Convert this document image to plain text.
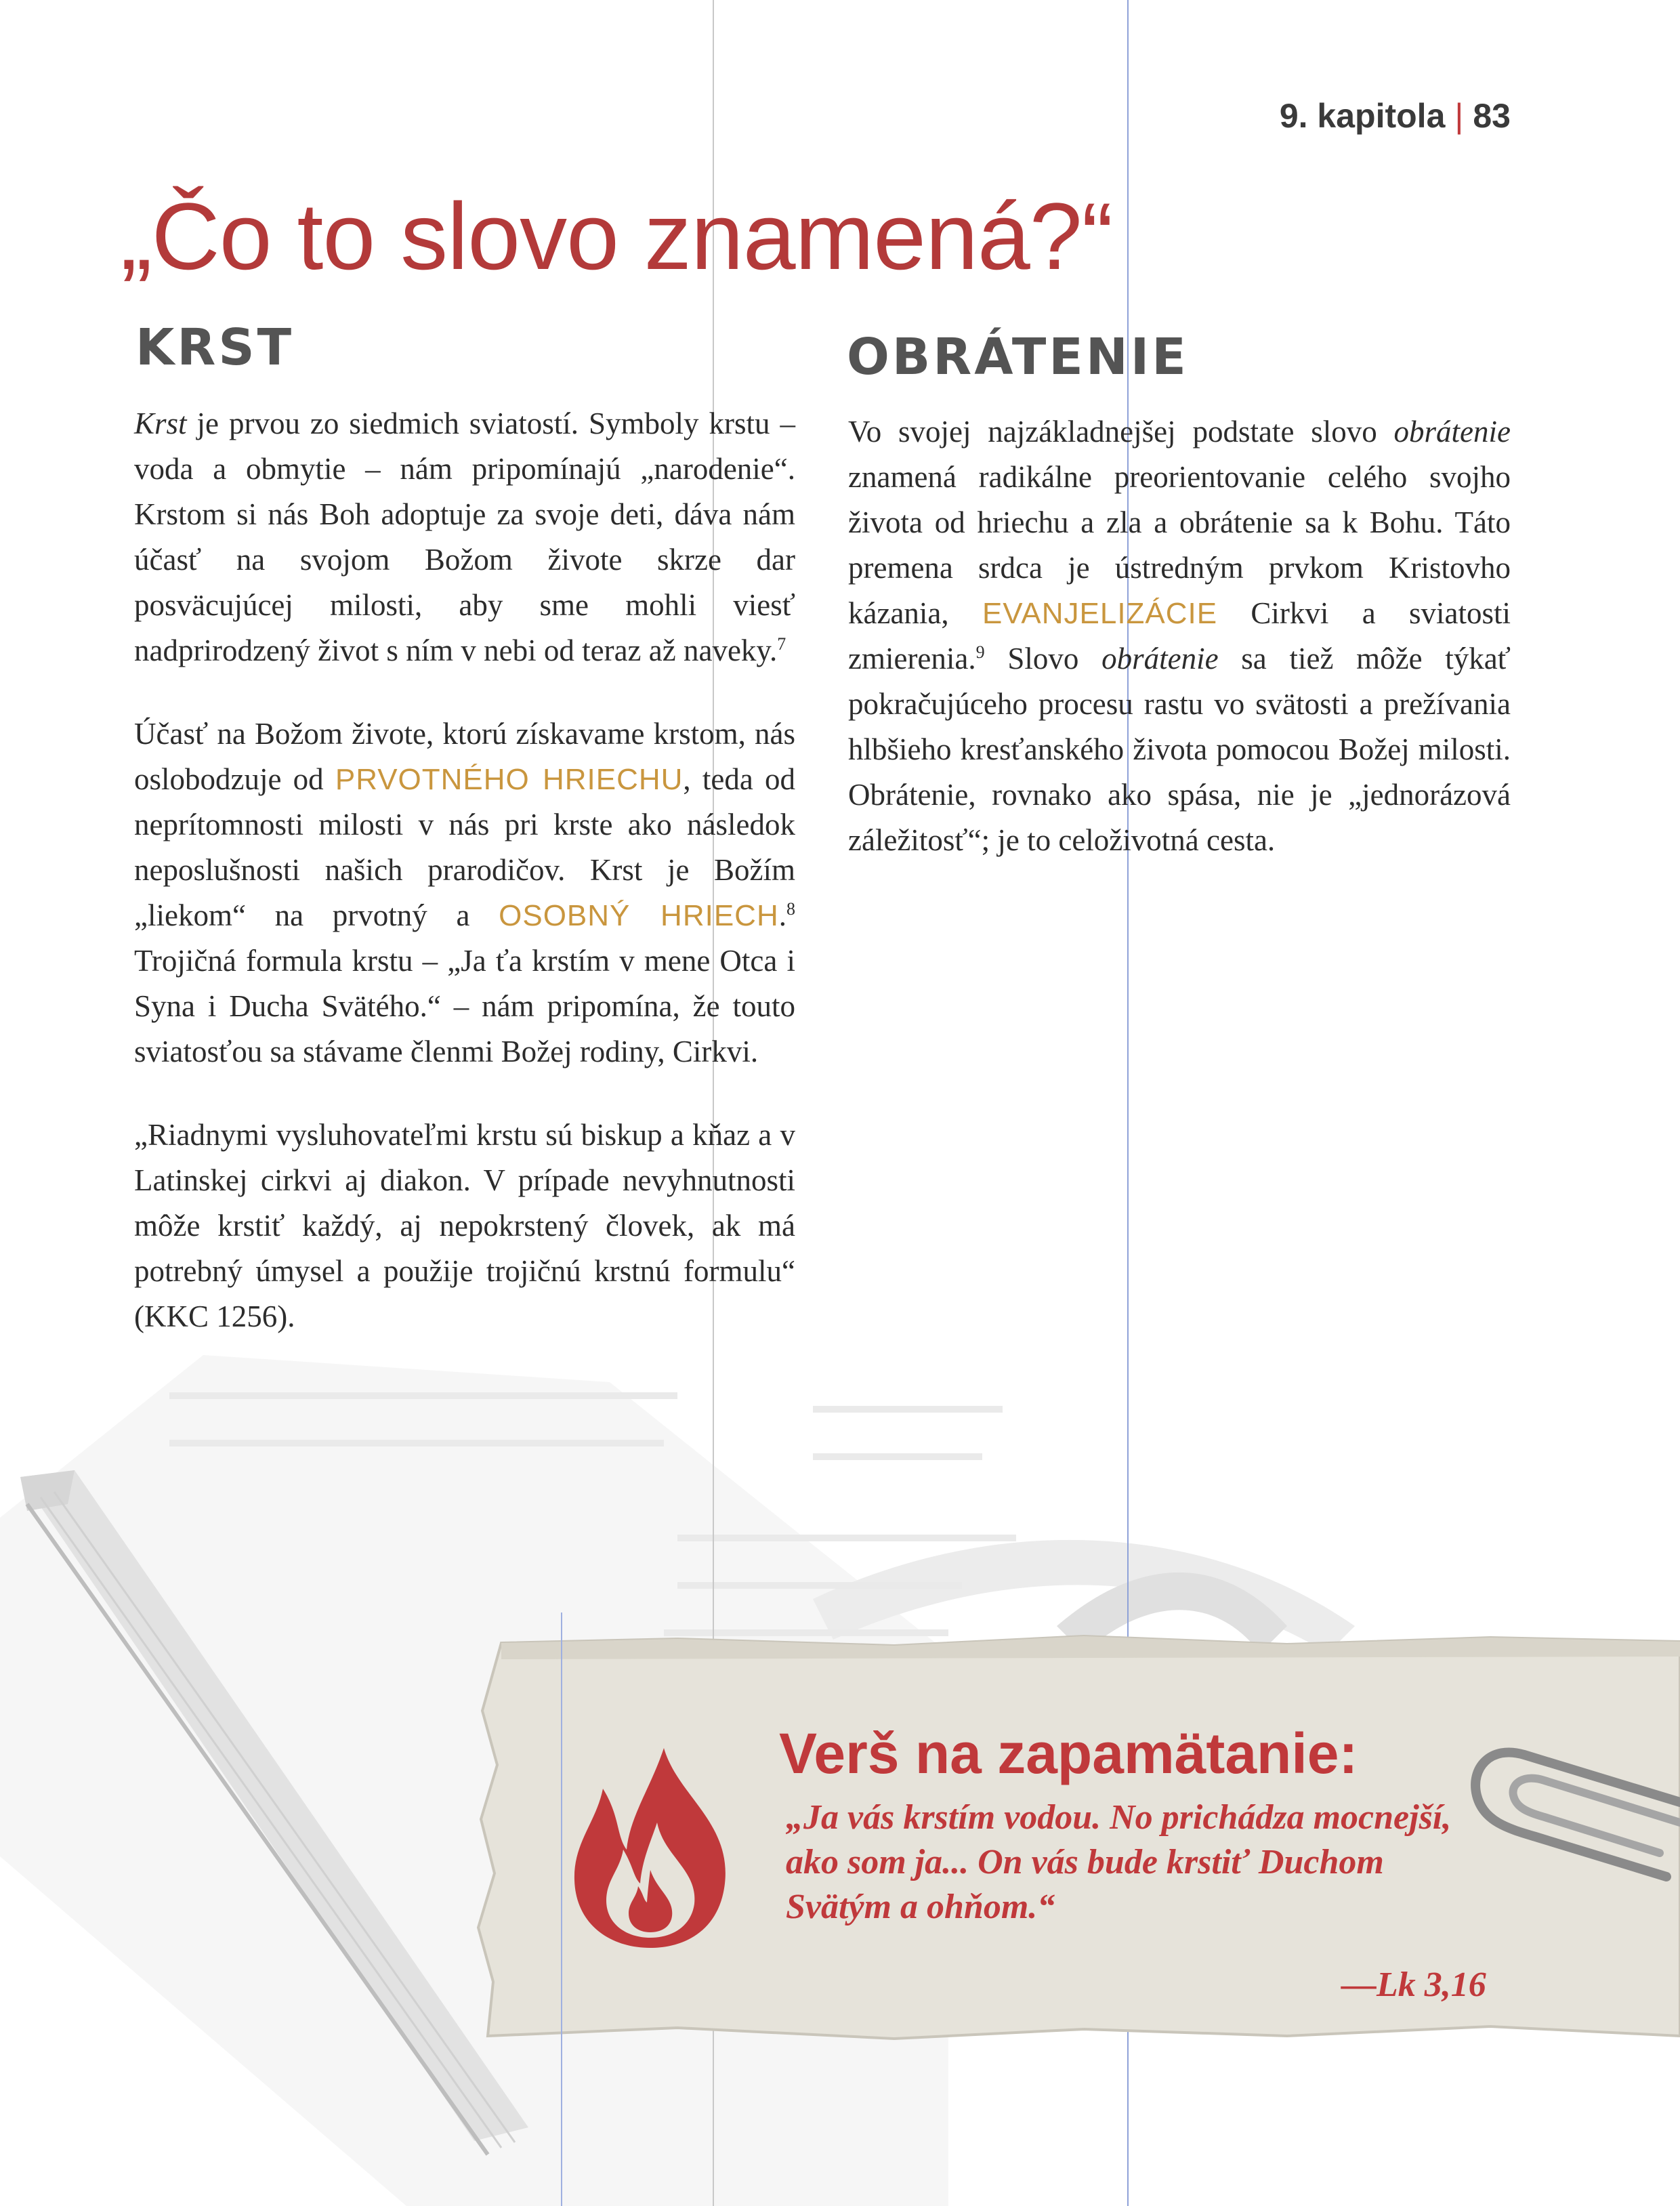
9. kapitola | 83
„Čo to slovo znamená?“
KRST

Krst je prvou zo siedmich sviatostí. Symboly krstu – voda a obmytie – nám pripomínajú „narodenie“. Krstom si nás Boh adoptuje za svoje deti, dáva nám účasť na svojom Božom živote skrze dar posväcujúcej milosti, aby sme mohli viesť nadprirodzený život s ním v nebi od teraz až naveky.$^7$

Účasť na Božom živote, ktorú získavame krstom, nás oslobodzuje od PRVOTNÉHO HRIECHU, teda od neprítomnosti milosti v nás pri krste ako následok neposlušnosti našich prarodičov. Krst je Božím „liekom“ na prvotný a OSOBNÝ HRIECH.$^8$ Trojičná formula krstu – „Ja ťa krstím v mene Otca i Syna i Ducha Svätého.“ – nám pripomína, že touto sviatosťou sa stávame členmi Božej rodiny, Cirkvi.

„Riadnymi vysluhovateľmi krstu sú biskup a kňaz a v Latinskej cirkvi aj diakon. V prípade nevyhnutnosti môže krstiť každý, aj nepokrstený človek, ak má potrebný úmysel a použije trojičnú krstnú formulu“ (KKC 1256).

OBRÁTENIE

Vo svojej najzákladnejšej podstate slovo obrátenie znamená radikálne preorientovanie celého svojho života od hriechu a zla a obrátenie sa k Bohu. Táto premena srdca je ústredným prvkom Kristovho kázania, EVANJELIZÁCIE Cirkvi a sviatosti zmierenia.$^9$ Slovo obrátenie sa tiež môže týkať pokračujúceho procesu rastu vo svätosti a prežívania hlbšieho kresťanského života pomocou Božej milosti. Obrátenie, rovnako ako spása, nie je „jednorázová záležitosť“; je to celoživotná cesta.

Verš na zapamätanie:
„Ja vás krstím vodou. No prichádza mocnejší, ako som ja... On vás bude krstiť Duchom Svätým a ohňom.“
—Lk 3,16
